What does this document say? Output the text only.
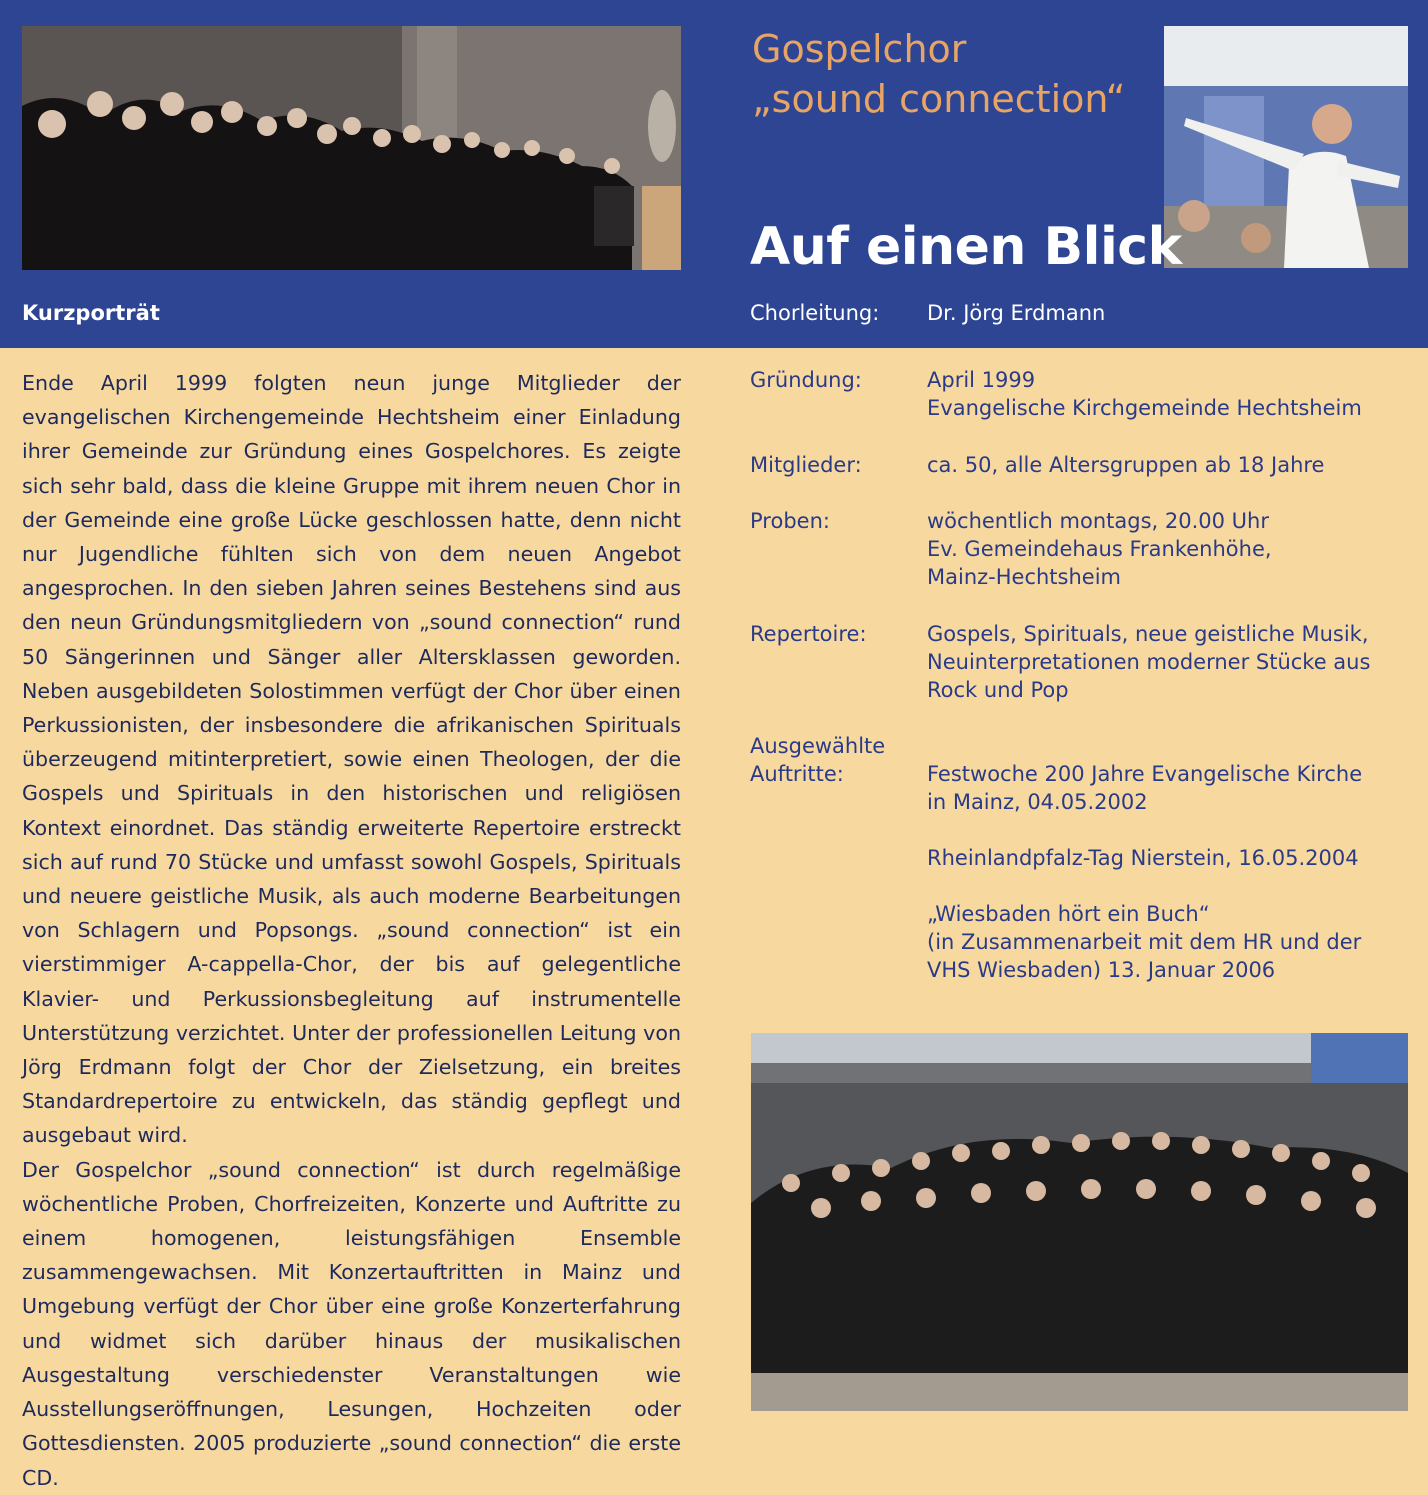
Gospelchor
„sound connection“
Auf einen Blick
Kurzporträt	Chorleitung: Dr. Jörg Erdmann
Gründung:	April 1999
Evangelische Kirchgemeinde Hechtsheim
Mitglieder:	ca. 50, alle Altersgruppen ab 18 Jahre
Proben:	wöchentlich montags, 20.00 Uhr
Ev. Gemeindehaus Frankenhöhe,
Mainz-Hechtsheim
Repertoire:	Gospels, Spirituals, neue geistliche Musik,
Neuinterpretationen moderner Stücke aus
Rock und Pop
Ausgewählte
Auftritte:	Festwoche 200 Jahre Evangelische Kirche
in Mainz, 04.05.2002
Rheinlandpfalz-Tag Nierstein, 16.05.2004
„Wiesbaden hört ein Buch“
(in Zusammenarbeit mit dem HR und der
VHS Wiesbaden) 13. Januar 2006

Ende April 1999 folgten neun junge Mitglieder der evangelischen Kirchengemeinde Hechtsheim einer Einladung ihrer Gemeinde zur Gründung eines Gospelchores. Es zeigte sich sehr bald, dass die kleine Gruppe mit ihrem neuen Chor in der Gemeinde eine große Lücke geschlossen hatte, denn nicht nur Jugendliche fühlten sich von dem neuen Angebot angesprochen. In den sieben Jahren seines Bestehens sind aus den neun Gründungsmitgliedern von „sound connection“ rund 50 Sängerinnen und Sänger aller Altersklassen geworden. Neben ausgebildeten Solostimmen verfügt der Chor über einen Perkussionisten, der insbesondere die afrikanischen Spirituals überzeugend mitinterpretiert, sowie einen Theologen, der die Gospels und Spirituals in den historischen und religiösen Kontext einordnet. Das ständig erweiterte Repertoire erstreckt sich auf rund 70 Stücke und umfasst sowohl Gospels, Spirituals und neuere geistliche Musik, als auch moderne Bearbeitungen von Schlagern und Popsongs. „sound connection“ ist ein vierstimmiger A-cappella-Chor, der bis auf gelegentliche Klavier- und Perkussionsbegleitung auf instrumentelle Unterstützung verzichtet. Unter der professionellen Leitung von Jörg Erdmann folgt der Chor der Zielsetzung, ein breites Standardrepertoire zu entwickeln, das ständig gepflegt und ausgebaut wird.

Der Gospelchor „sound connection“ ist durch regelmäßige wöchentliche Proben, Chorfreizeiten, Konzerte und Auftritte zu einem homogenen, leistungsfähigen Ensemble zusammengewachsen. Mit Konzertauftritten in Mainz und Umgebung verfügt der Chor über eine große Konzerterfahrung und widmet sich darüber hinaus der musikalischen Ausgestaltung verschiedenster Veranstaltungen wie Ausstellungseröffnungen, Lesungen, Hochzeiten oder Gottesdiensten. 2005 produzierte „sound connection“ die erste CD.
